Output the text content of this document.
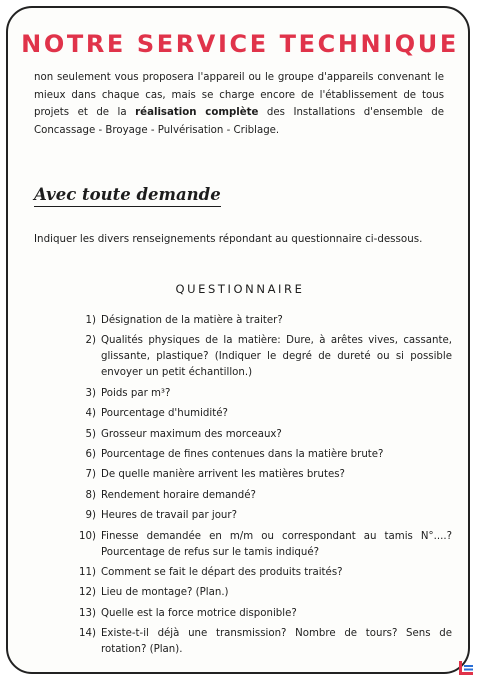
NOTRE SERVICE TECHNIQUE

non seulement vous proposera l'appareil ou le groupe d'appareils convenant le mieux dans chaque cas, mais se charge encore de l'établissement de tous projets et de la réalisation complète des Installations d'ensemble de Concassage - Broyage - Pulvérisation - Criblage.

Avec toute demande
Indiquer les divers renseignements répondant au questionnaire ci-dessous.
QUESTIONNAIRE
1) Désignation de la matière à traiter?
2) Qualités physiques de la matière: Dure, à arêtes vives, cassante, glissante, plastique? (Indiquer le degré de dureté ou si possible envoyer un petit échantillon.)
3) Poids par m³?
4) Pourcentage d'humidité?
5) Grosseur maximum des morceaux?
6) Pourcentage de fines contenues dans la matière brute?
7) De quelle manière arrivent les matières brutes?
8) Rendement horaire demandé?
9) Heures de travail par jour?
10) Finesse demandée en m/m ou correspondant au tamis N°....? Pourcentage de refus sur le tamis indiqué?
11) Comment se fait le départ des produits traités?
12) Lieu de montage? (Plan.)
13) Quelle est la force motrice disponible?
14) Existe-t-il déjà une transmission? Nombre de tours? Sens de rotation? (Plan).
